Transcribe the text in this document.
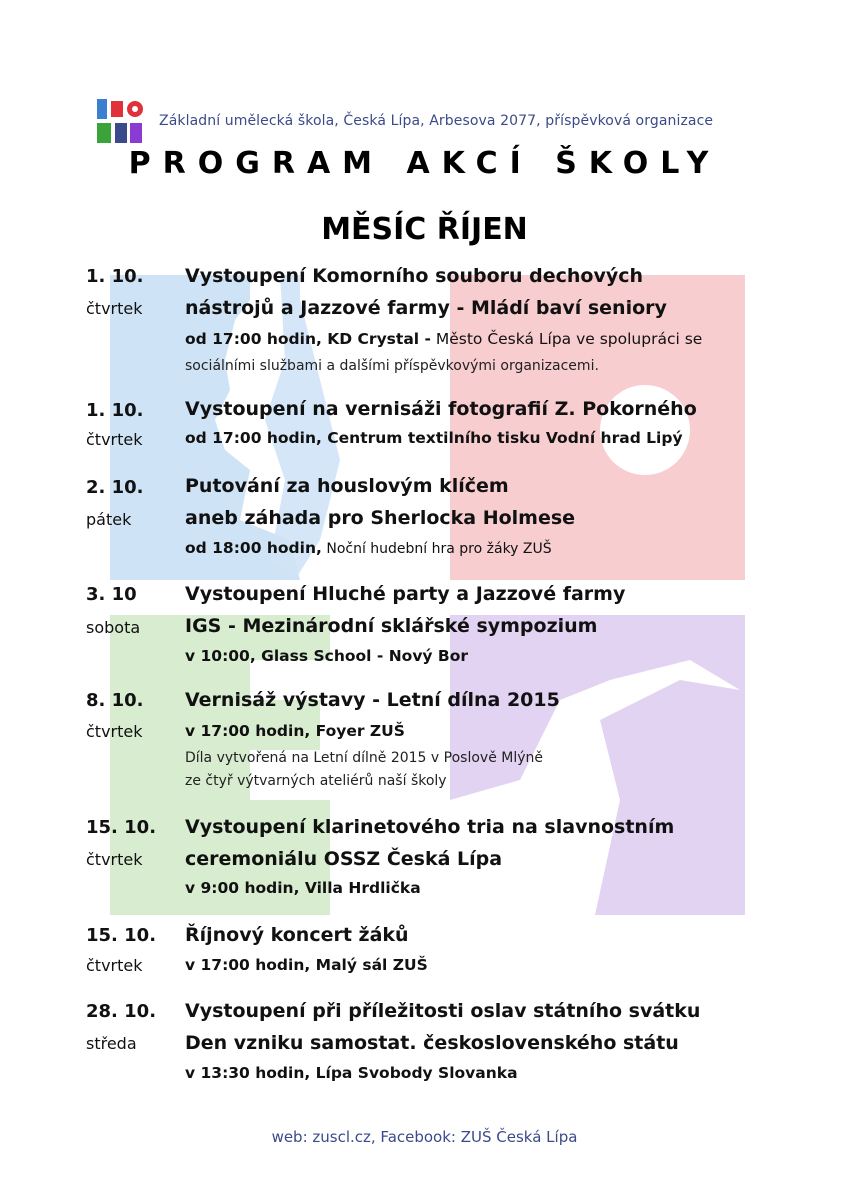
Základní umělecká škola, Česká Lípa, Arbesova 2077, příspěvková organizace
PROGRAM AKCÍ ŠKOLY
MĚSÍC ŘÍJEN
1. 10.
čtvrtek
Vystoupení Komorního souboru dechových
nástrojů a Jazzové farmy - Mládí baví seniory
od 17:00 hodin, KD Crystal - Město Česká Lípa ve spolupráci se
sociálními službami a dalšími příspěvkovými organizacemi.
1. 10.
čtvrtek
Vystoupení na vernisáži fotografií Z. Pokorného
od 17:00 hodin, Centrum textilního tisku Vodní hrad Lipý
2. 10.
pátek
Putování za houslovým klíčem
aneb záhada pro Sherlocka Holmese
od 18:00 hodin, Noční hudební hra pro žáky ZUŠ
3. 10
sobota
Vystoupení Hluché party a Jazzové farmy
IGS - Mezinárodní sklářské sympozium
v 10:00, Glass School - Nový Bor
8. 10.
čtvrtek
Vernisáž výstavy - Letní dílna 2015
v 17:00 hodin, Foyer ZUŠ
Díla vytvořená na Letní dílně 2015 v Poslově Mlýně
ze čtyř výtvarných ateliérů naší školy
15. 10.
čtvrtek
Vystoupení klarinetového tria na slavnostním
ceremoniálu OSSZ Česká Lípa
v 9:00 hodin, Villa Hrdlička
15. 10.
čtvrtek
Říjnový koncert žáků
v 17:00 hodin, Malý sál ZUŠ
28. 10.
středa
Vystoupení při příležitosti oslav státního svátku
Den vzniku samostat. československého státu
v 13:30 hodin, Lípa Svobody Slovanka
web: zuscl.cz, Facebook: ZUŠ Česká Lípa
